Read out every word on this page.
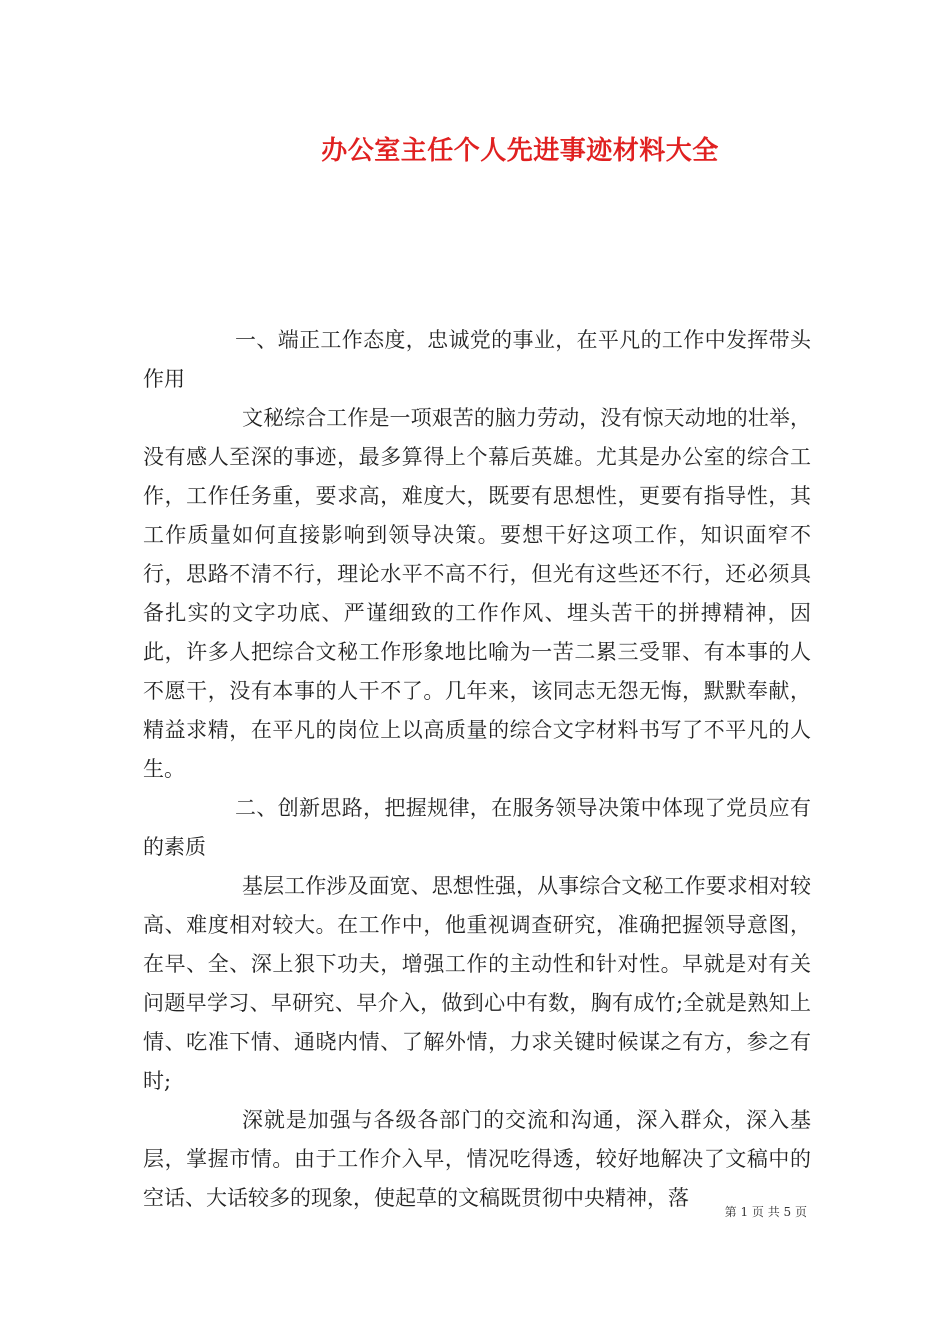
办公室主任个人先进事迹材料大全

一、端正工作态度，忠诚党的事业，在平凡的工作中发挥带头作用

文秘综合工作是一项艰苦的脑力劳动，没有惊天动地的壮举，没有感人至深的事迹，最多算得上个幕后英雄。尤其是办公室的综合工作，工作任务重，要求高，难度大，既要有思想性，更要有指导性，其工作质量如何直接影响到领导决策。要想干好这项工作，知识面窄不行，思路不清不行，理论水平不高不行，但光有这些还不行，还必须具备扎实的文字功底、严谨细致的工作作风、埋头苦干的拼搏精神，因此，许多人把综合文秘工作形象地比喻为一苦二累三受罪、有本事的人不愿干，没有本事的人干不了。几年来，该同志无怨无悔，默默奉献，精益求精，在平凡的岗位上以高质量的综合文字材料书写了不平凡的人生。

二、创新思路，把握规律，在服务领导决策中体现了党员应有的素质

基层工作涉及面宽、思想性强，从事综合文秘工作要求相对较高、难度相对较大。在工作中，他重视调查研究，准确把握领导意图，在早、全、深上狠下功夫，增强工作的主动性和针对性。早就是对有关问题早学习、早研究、早介入，做到心中有数，胸有成竹;全就是熟知上情、吃准下情、通晓内情、了解外情，力求关键时候谋之有方，参之有时;

深就是加强与各级各部门的交流和沟通，深入群众，深入基层，掌握市情。由于工作介入早，情况吃得透，较好地解决了文稿中的空话、大话较多的现象，使起草的文稿既贯彻中央精神，落

第 1 页 共 5 页
